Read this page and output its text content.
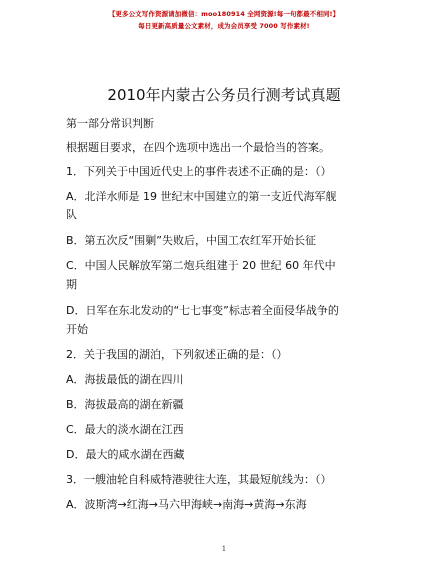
【更多公文写作资源请加微信：moo180914 全网资源!每一句都最不相同!】
每日更新高质量公文素材，成为会员享受 7000 写作素材!
2010年内蒙古公务员行测考试真题
第一部分常识判断
根据题目要求，在四个选项中选出一个最恰当的答案。
1．下列关于中国近代史上的事件表述不正确的是：（）
A．北洋水师是 19 世纪末中国建立的第一支近代海军舰
队
B．第五次反“围剿”失败后，中国工农红军开始长征
C．中国人民解放军第二炮兵组建于 20 世纪 60 年代中
期
D．日军在东北发动的“七七事变”标志着全面侵华战争的
开始
2．关于我国的湖泊，下列叙述正确的是：（）
A．海拔最低的湖在四川
B．海拔最高的湖在新疆
C．最大的淡水湖在江西
D．最大的咸水湖在西藏
3．一艘油轮自科威特港驶往大连，其最短航线为：（）
A．波斯湾→红海→马六甲海峡→南海→黄海→东海
1
